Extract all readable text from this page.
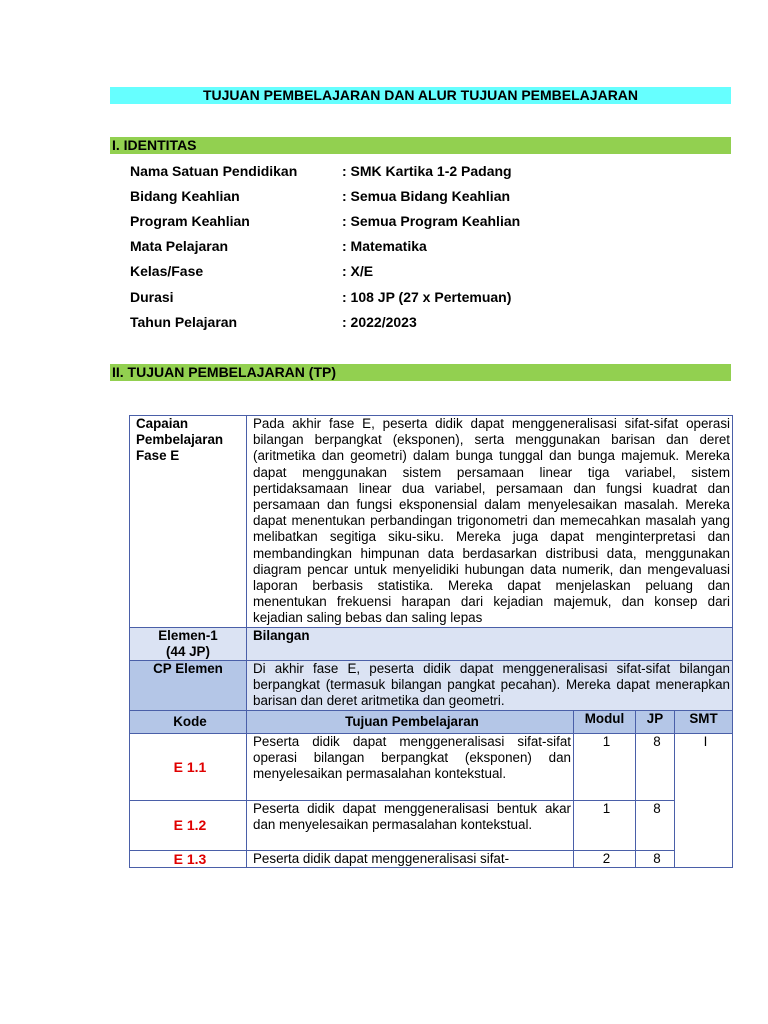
TUJUAN PEMBELAJARAN DAN ALUR TUJUAN PEMBELAJARAN
I. IDENTITAS
Nama Satuan Pendidikan	: SMK Kartika 1-2 Padang
Bidang Keahlian	: Semua Bidang Keahlian
Program Keahlian	: Semua Program Keahlian
Mata Pelajaran	: Matematika
Kelas/Fase	: X/E
Durasi	: 108 JP (27 x Pertemuan)
Tahun Pelajaran	: 2022/2023
II. TUJUAN PEMBELAJARAN (TP)
Capaian Pembelajaran Fase E	Pada akhir fase E, peserta didik dapat menggeneralisasi sifat-sifat operasi bilangan berpangkat (eksponen), serta menggunakan barisan dan deret (aritmetika dan geometri) dalam bunga tunggal dan bunga majemuk. Mereka dapat menggunakan sistem persamaan linear tiga variabel, sistem pertidaksamaan linear dua variabel, persamaan dan fungsi kuadrat dan persamaan dan fungsi eksponensial dalam menyelesaikan masalah. Mereka dapat menentukan perbandingan trigonometri dan memecahkan masalah yang melibatkan segitiga siku-siku. Mereka juga dapat menginterpretasi dan membandingkan himpunan data berdasarkan distribusi data, menggunakan diagram pencar untuk menyelidiki hubungan data numerik, dan mengevaluasi laporan berbasis statistika. Mereka dapat menjelaskan peluang dan menentukan frekuensi harapan dari kejadian majemuk, dan konsep dari kejadian saling bebas dan saling lepas			

Elemen-1
(44 JP)	Bilangan			
CP Elemen	Di akhir fase E, peserta didik dapat menggeneralisasi sifat-sifat bilangan berpangkat (termasuk bilangan pangkat pecahan). Mereka dapat menerapkan barisan dan deret aritmetika dan geometri.			
Kode	Tujuan Pembelajaran	Modul	JP	SMT
E 1.1	Peserta didik dapat menggeneralisasi sifat-sifat operasi bilangan berpangkat (eksponen) dan menyelesaikan permasalahan kontekstual.	1	8	I
E 1.2	Peserta didik dapat menggeneralisasi bentuk akar dan menyelesaikan permasalahan kontekstual.	1	8	
E 1.3	Peserta didik dapat menggeneralisasi sifat-	2	8	
